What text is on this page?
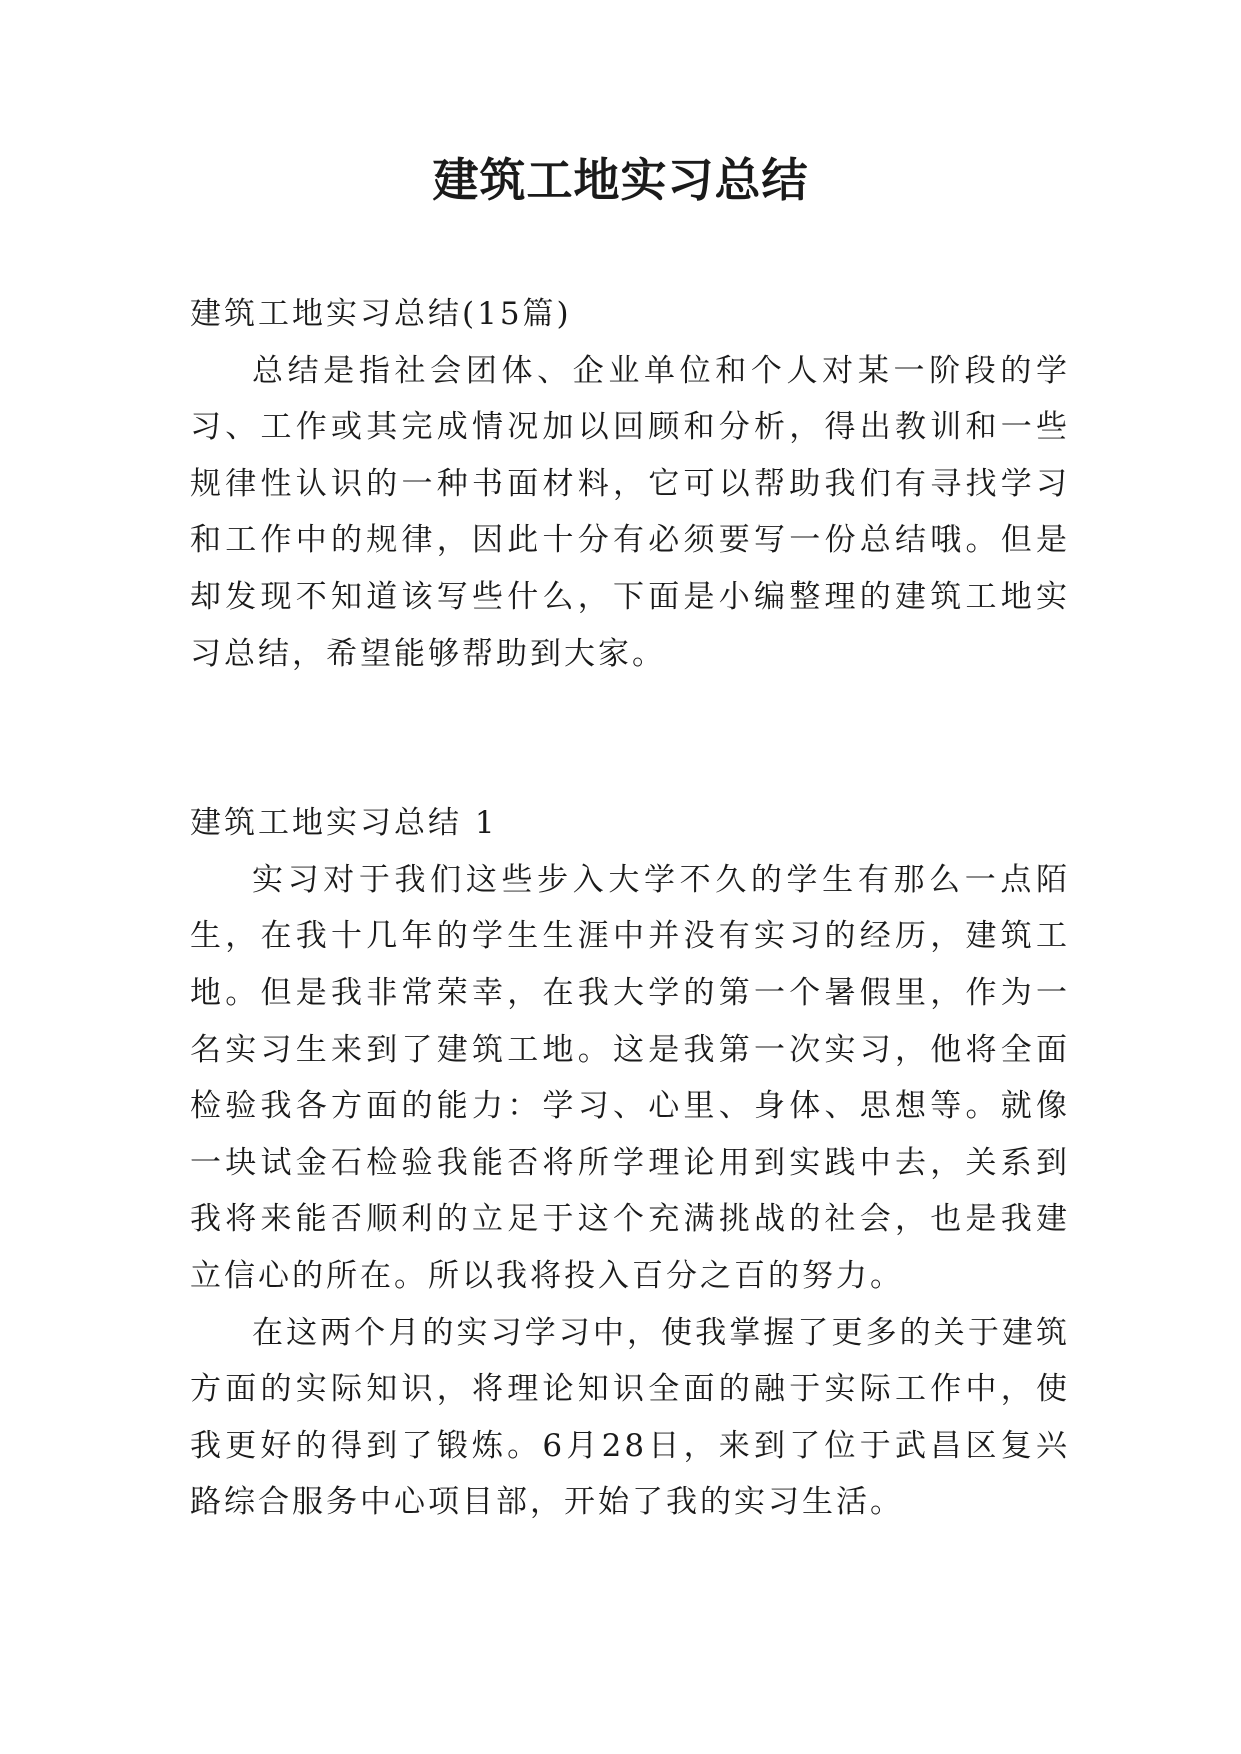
建筑工地实习总结

建筑工地实习总结(15篇)

总结是指社会团体、企业单位和个人对某一阶段的学习、工作或其完成情况加以回顾和分析，得出教训和一些规律性认识的一种书面材料，它可以帮助我们有寻找学习和工作中的规律，因此十分有必须要写一份总结哦。但是却发现不知道该写些什么，下面是小编整理的建筑工地实习总结，希望能够帮助到大家。

建筑工地实习总结 1

实习对于我们这些步入大学不久的学生有那么一点陌生，在我十几年的学生生涯中并没有实习的经历，建筑工地。但是我非常荣幸，在我大学的第一个暑假里，作为一名实习生来到了建筑工地。这是我第一次实习，他将全面检验我各方面的能力：学习、心里、身体、思想等。就像一块试金石检验我能否将所学理论用到实践中去，关系到我将来能否顺利的立足于这个充满挑战的社会，也是我建立信心的所在。所以我将投入百分之百的努力。

在这两个月的实习学习中，使我掌握了更多的关于建筑方面的实际知识，将理论知识全面的融于实际工作中，使我更好的得到了锻炼。6月28日，来到了位于武昌区复兴路综合服务中心项目部，开始了我的实习生活。
